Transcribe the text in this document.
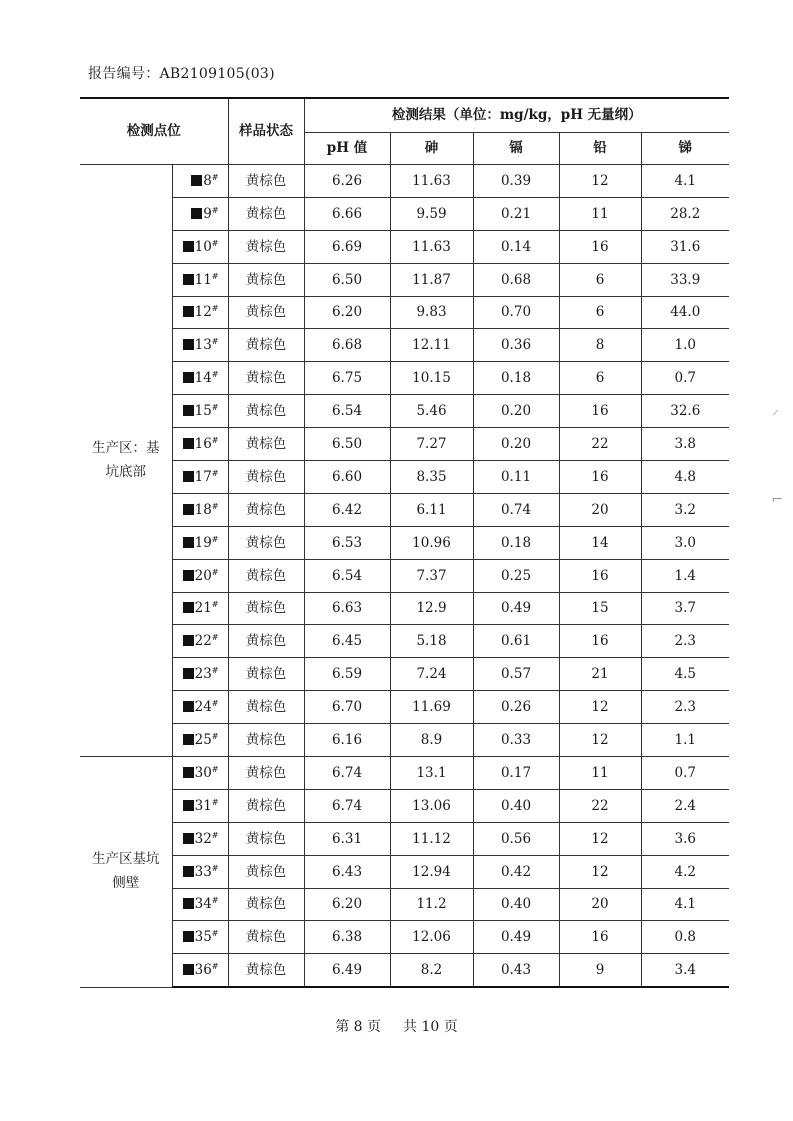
报告编号：AB2109105(03)
检测点位		样品状态	检测结果（单位：mg/kg，pH 无量纲）				
			pH 值	砷	镉	铅	锑
生产区：基
坑底部	8#	黄棕色	6.26	11.63	0.39	12	4.1
	9#	黄棕色	6.66	9.59	0.21	11	28.2
	10#	黄棕色	6.69	11.63	0.14	16	31.6
	11#	黄棕色	6.50	11.87	0.68	6	33.9
	12#	黄棕色	6.20	9.83	0.70	6	44.0
	13#	黄棕色	6.68	12.11	0.36	8	1.0
	14#	黄棕色	6.75	10.15	0.18	6	0.7
	15#	黄棕色	6.54	5.46	0.20	16	32.6
	16#	黄棕色	6.50	7.27	0.20	22	3.8
	17#	黄棕色	6.60	8.35	0.11	16	4.8
	18#	黄棕色	6.42	6.11	0.74	20	3.2
	19#	黄棕色	6.53	10.96	0.18	14	3.0
	20#	黄棕色	6.54	7.37	0.25	16	1.4
	21#	黄棕色	6.63	12.9	0.49	15	3.7
	22#	黄棕色	6.45	5.18	0.61	16	2.3
	23#	黄棕色	6.59	7.24	0.57	21	4.5
	24#	黄棕色	6.70	11.69	0.26	12	2.3
	25#	黄棕色	6.16	8.9	0.33	12	1.1
生产区基坑
侧壁	30#	黄棕色	6.74	13.1	0.17	11	0.7
	31#	黄棕色	6.74	13.06	0.40	22	2.4
	32#	黄棕色	6.31	11.12	0.56	12	3.6
	33#	黄棕色	6.43	12.94	0.42	12	4.2
	34#	黄棕色	6.20	11.2	0.40	20	4.1
	35#	黄棕色	6.38	12.06	0.49	16	0.8
	36#	黄棕色	6.49	8.2	0.43	9	3.4
第 8 页 共 10 页
⸝
⌐
